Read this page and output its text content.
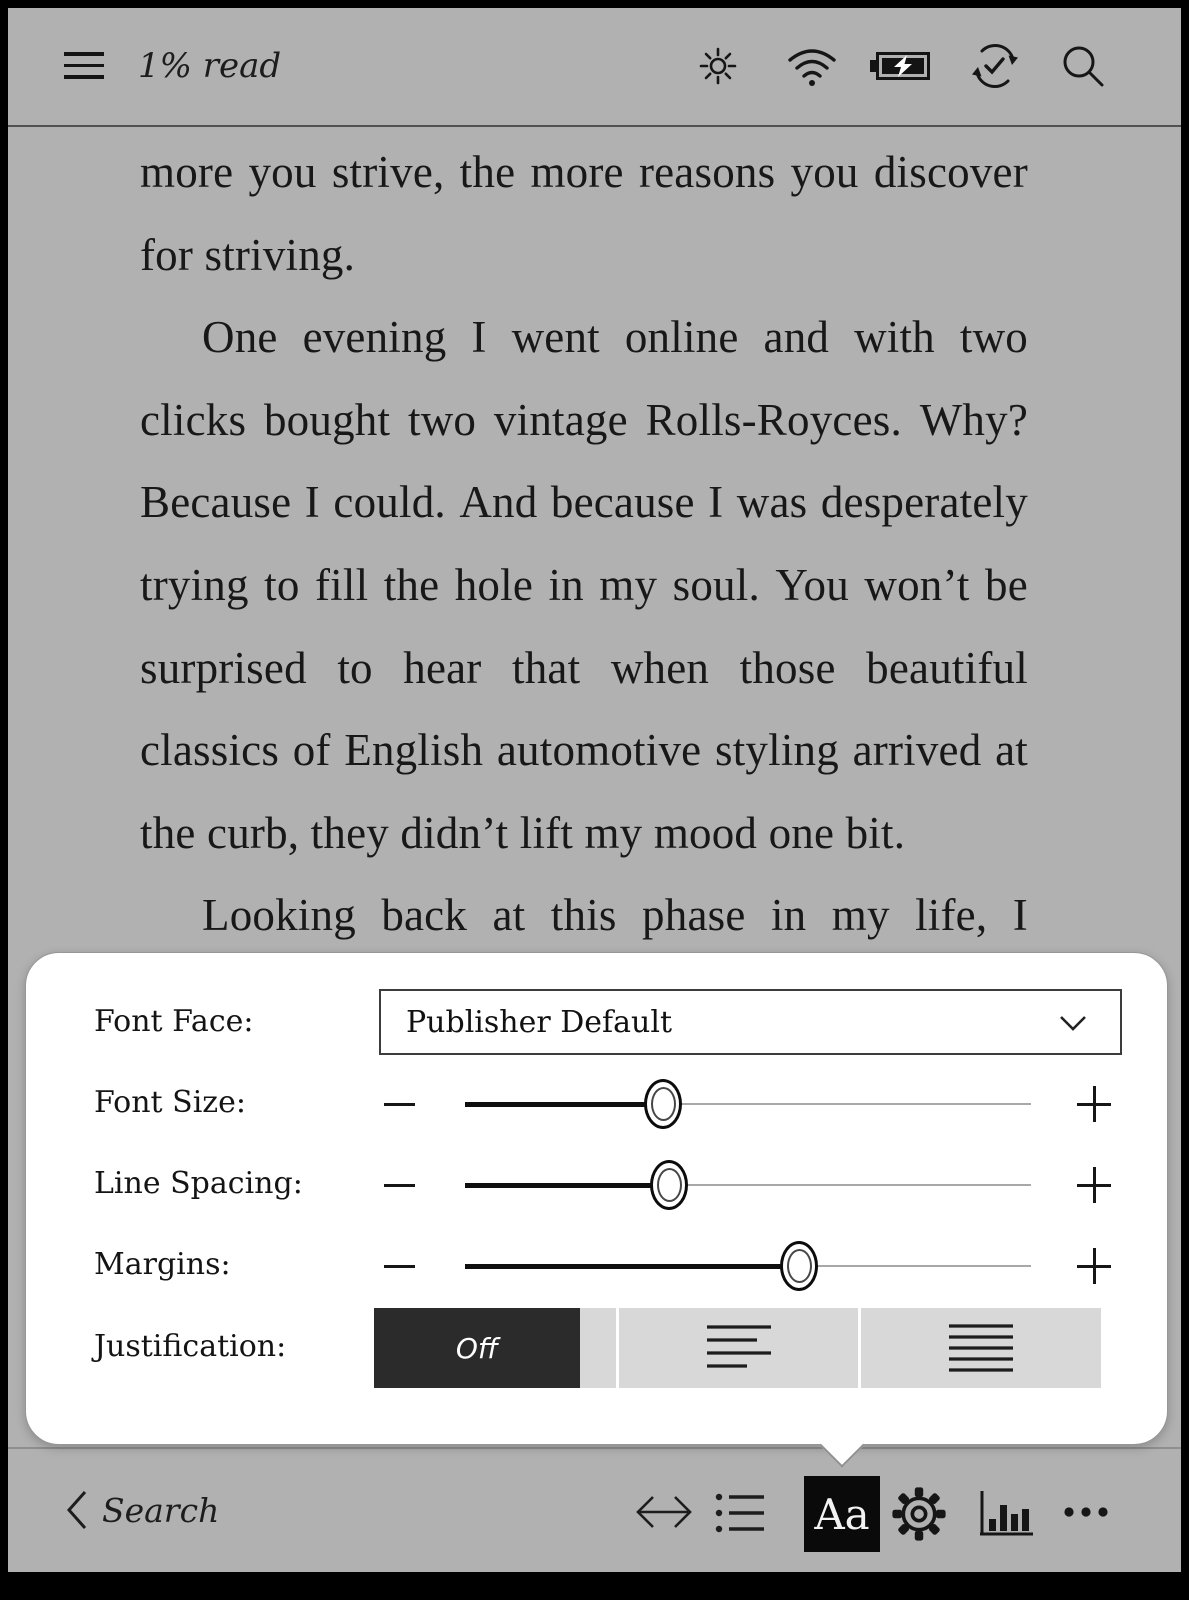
1% read
more you strive, the more reasons you discover
for striving.
One evening I went online and with two
clicks bought two vintage Rolls-Royces. Why?
Because I could. And because I was desperately
trying to fill the hole in my soul. You won’t be
surprised to hear that when those beautiful
classics of English automotive styling arrived at
the curb, they didn’t lift my mood one bit.
Looking back at this phase in my life, I
Font Face:	Publisher Default
Font Size:
Line Spacing:
Margins:
Justification:	Off
Search	Aa
